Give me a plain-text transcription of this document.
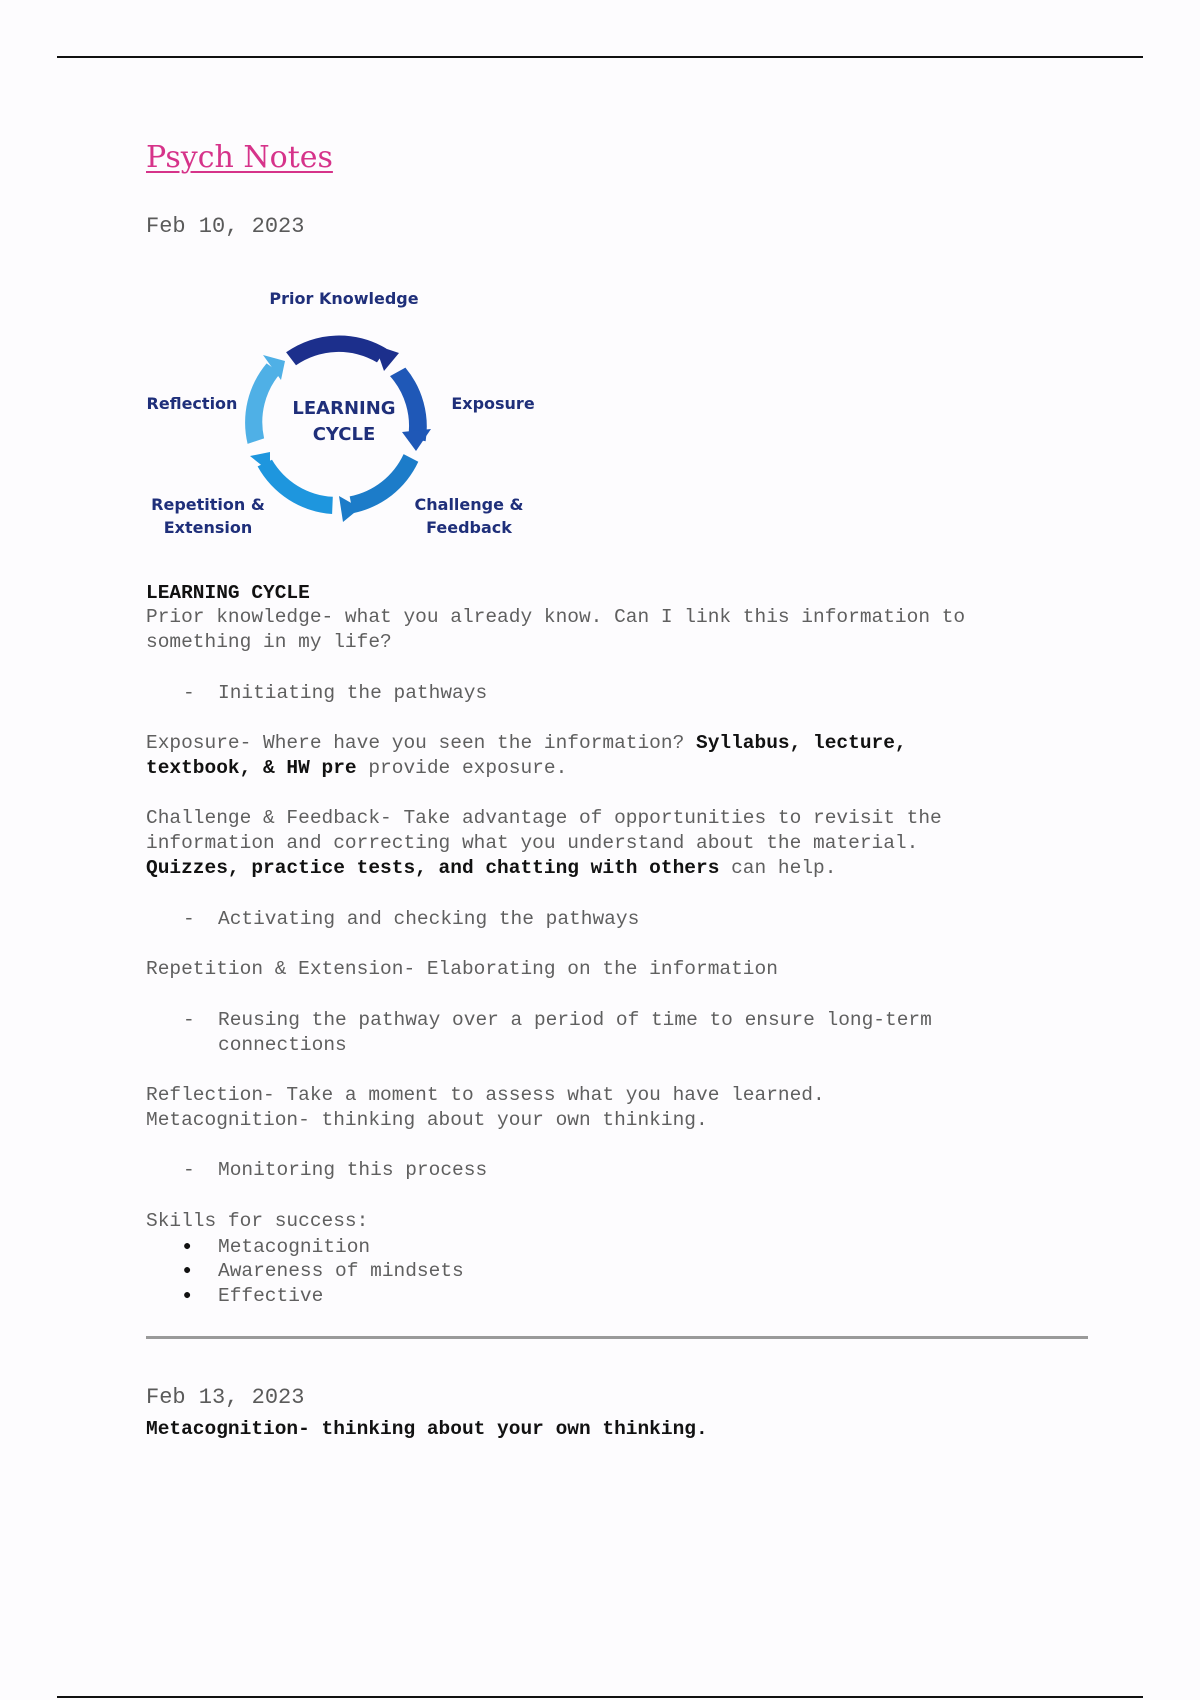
Psych Notes
Feb 10, 2023
LEARNING
CYCLE
Prior Knowledge
Exposure
Challenge &
Feedback
Repetition &
Extension
Reflection
LEARNING CYCLE
Prior knowledge- what you already know. Can I link this information to
something in my life?
- Initiating the pathways
Exposure- Where have you seen the information? Syllabus, lecture,
textbook, & HW pre provide exposure.
Challenge & Feedback- Take advantage of opportunities to revisit the
information and correcting what you understand about the material.
Quizzes, practice tests, and chatting with others can help.
- Activating and checking the pathways
Repetition & Extension- Elaborating on the information
- Reusing the pathway over a period of time to ensure long-term
connections
Reflection- Take a moment to assess what you have learned.
Metacognition- thinking about your own thinking.
- Monitoring this process
Skills for success:
● Metacognition
● Awareness of mindsets
● Effective
Feb 13, 2023
Metacognition- thinking about your own thinking.
